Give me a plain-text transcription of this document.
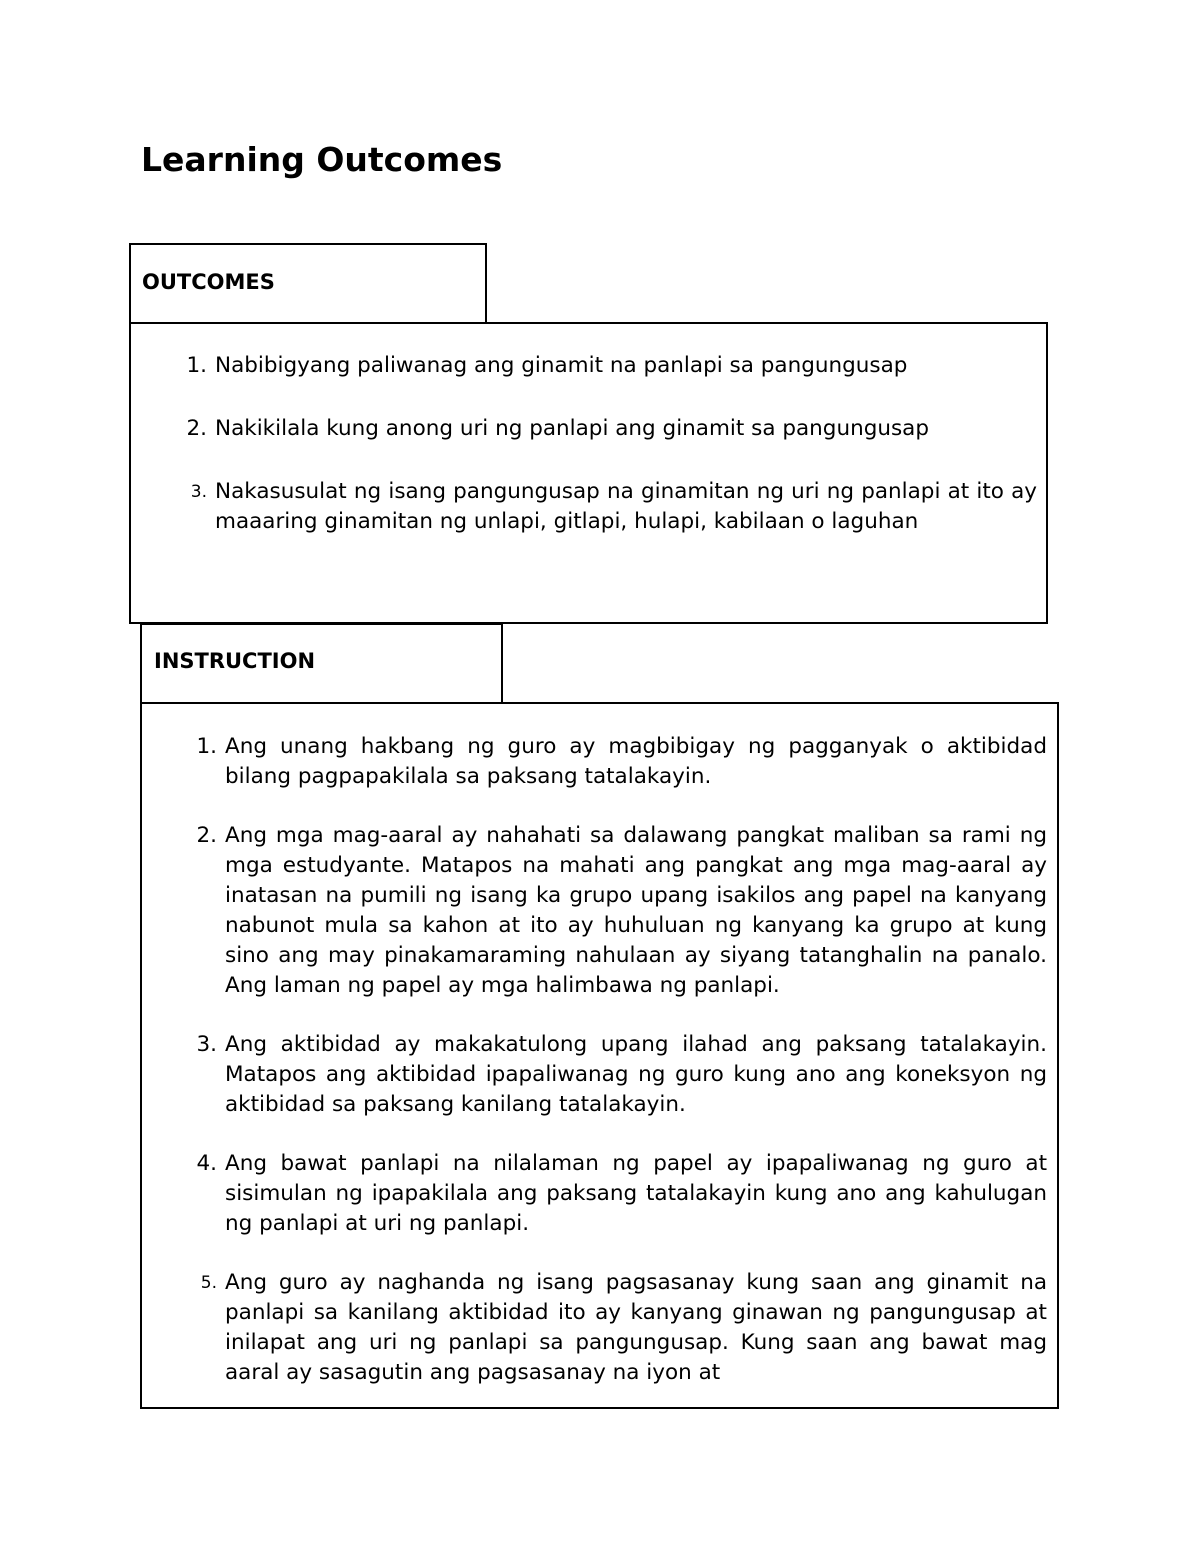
Learning Outcomes
1. Nabibigyang paliwanag ang ginamit na panlapi sa pangungusap
2. Nakikilala kung anong uri ng panlapi ang ginamit sa pangungusap
3. Nakasusulat ng isang pangungusap na ginamitan ng uri ng panlapi at ito ay maaaring ginamitan ng unlapi, gitlapi, hulapi, kabilaan o laguhan
OUTCOMES
1. Ang unang hakbang ng guro ay magbibigay ng pagganyak o aktibidad bilang pagpapakilala sa paksang tatalakayin.
2. Ang mga mag-aaral ay nahahati sa dalawang pangkat maliban sa rami ng mga estudyante. Matapos na mahati ang pangkat ang mga mag-aaral ay inatasan na pumili ng isang ka grupo upang isakilos ang papel na kanyang nabunot mula sa kahon at ito ay huhuluan ng kanyang ka grupo at kung sino ang may pinakamaraming nahulaan ay siyang tatanghalin na panalo. Ang laman ng papel ay mga halimbawa ng panlapi.
3. Ang aktibidad ay makakatulong upang ilahad ang paksang tatalakayin. Matapos ang aktibidad ipapaliwanag ng guro kung ano ang koneksyon ng aktibidad sa paksang kanilang tatalakayin.
4. Ang bawat panlapi na nilalaman ng papel ay ipapaliwanag ng guro at sisimulan ng ipapakilala ang paksang tatalakayin kung ano ang kahulugan ng panlapi at uri ng panlapi.
5. Ang guro ay naghanda ng isang pagsasanay kung saan ang ginamit na panlapi sa kanilang aktibidad ito ay kanyang ginawan ng pangungusap at inilapat ang uri ng panlapi sa pangungusap. Kung saan ang bawat mag aaral ay sasagutin ang pagsasanay na iyon at
INSTRUCTION
